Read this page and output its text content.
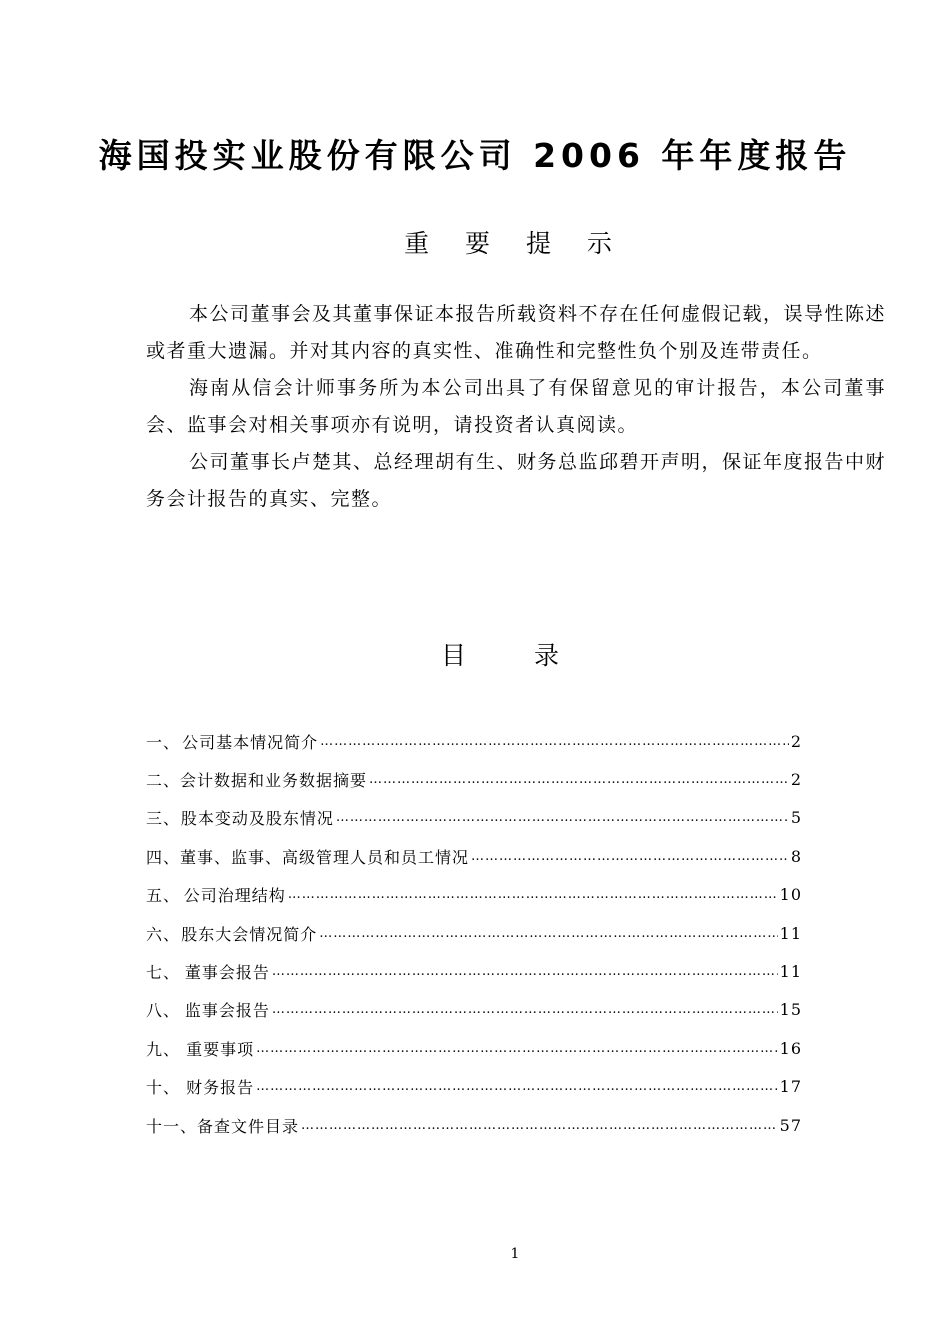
海国投实业股份有限公司 2006 年年度报告
重 要 提 示

本公司董事会及其董事保证本报告所载资料不存在任何虚假记载，误导性陈述或者重大遗漏。并对其内容的真实性、准确性和完整性负个别及连带责任。

海南从信会计师事务所为本公司出具了有保留意见的审计报告，本公司董事会、监事会对相关事项亦有说明，请投资者认真阅读。

公司董事长卢楚其、总经理胡有生、财务总监邱碧开声明，保证年度报告中财务会计报告的真实、完整。

目 录
一、 公司基本情况简介 …………………………………………………………………………………………………………………………………………	2
二、 会计数据和业务数据摘要 …………………………………………………………………………………………………………………………………………	2
三、 股本变动及股东情况 …………………………………………………………………………………………………………………………………………	5
四、 董事、监事、高级管理人员和员工情况 …………………………………………………………………………………………………………………………………………	8
五、 公司治理结构 …………………………………………………………………………………………………………………………………………	10
六、 股东大会情况简介 …………………………………………………………………………………………………………………………………………	11
七、 董事会报告 …………………………………………………………………………………………………………………………………………	11
八、 监事会报告 …………………………………………………………………………………………………………………………………………	15
九、 重要事项 …………………………………………………………………………………………………………………………………………	16
十、 财务报告 …………………………………………………………………………………………………………………………………………	17
十一、 备查文件目录 …………………………………………………………………………………………………………………………………………	57
1
